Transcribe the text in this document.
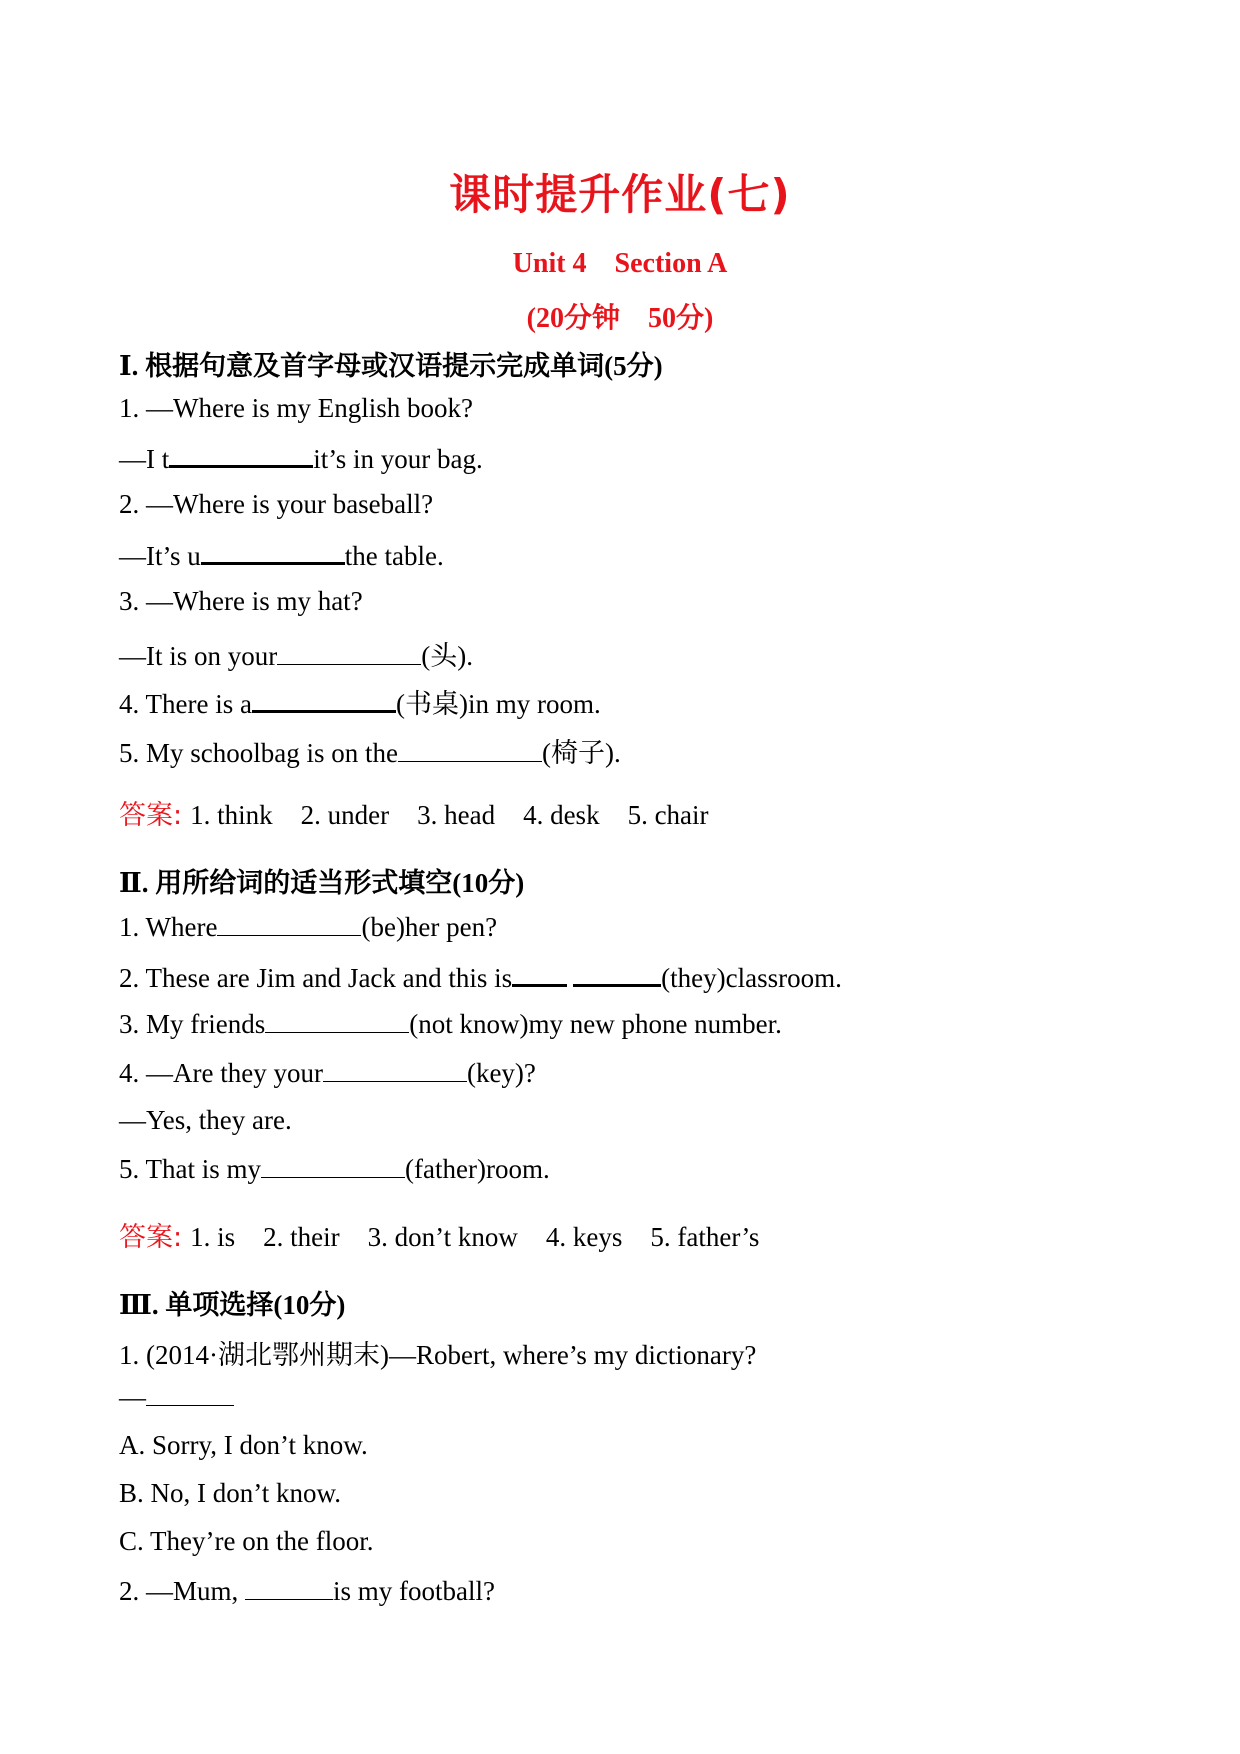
课时提升作业(七)
Unit 4    Section A
(20分钟    50分)
Ⅰ. 根据句意及首字母或汉语提示完成单词(5分)
1. —Where is my English book?
—I t	it’s in your bag.
2. —Where is your baseball?
—It’s u	the table.
3. —Where is my hat?
—It is on your	(头).
4. There is a	(书桌)in my room.
5. My schoolbag is on the	(椅子).
答案: 1. think 2. under 3. head 4. desk 5. chair
Ⅱ. 用所给词的适当形式填空(10分)
1. Where	(be)her pen?
2. These are Jim and Jack and this is	(they)classroom.
3. My friends	(not know)my new phone number.
4. —Are they your	(key)?
—Yes, they are.
5. That is my	(father)room.
答案: 1. is 2. their 3. don’t know 4. keys 5. father’s
Ⅲ. 单项选择(10分)
1. (2014·湖北鄂州期末)—Robert, where’s my dictionary?
—
A. Sorry, I don’t know.
B. No, I don’t know.
C. They’re on the floor.
2. —Mum,	is my football?
